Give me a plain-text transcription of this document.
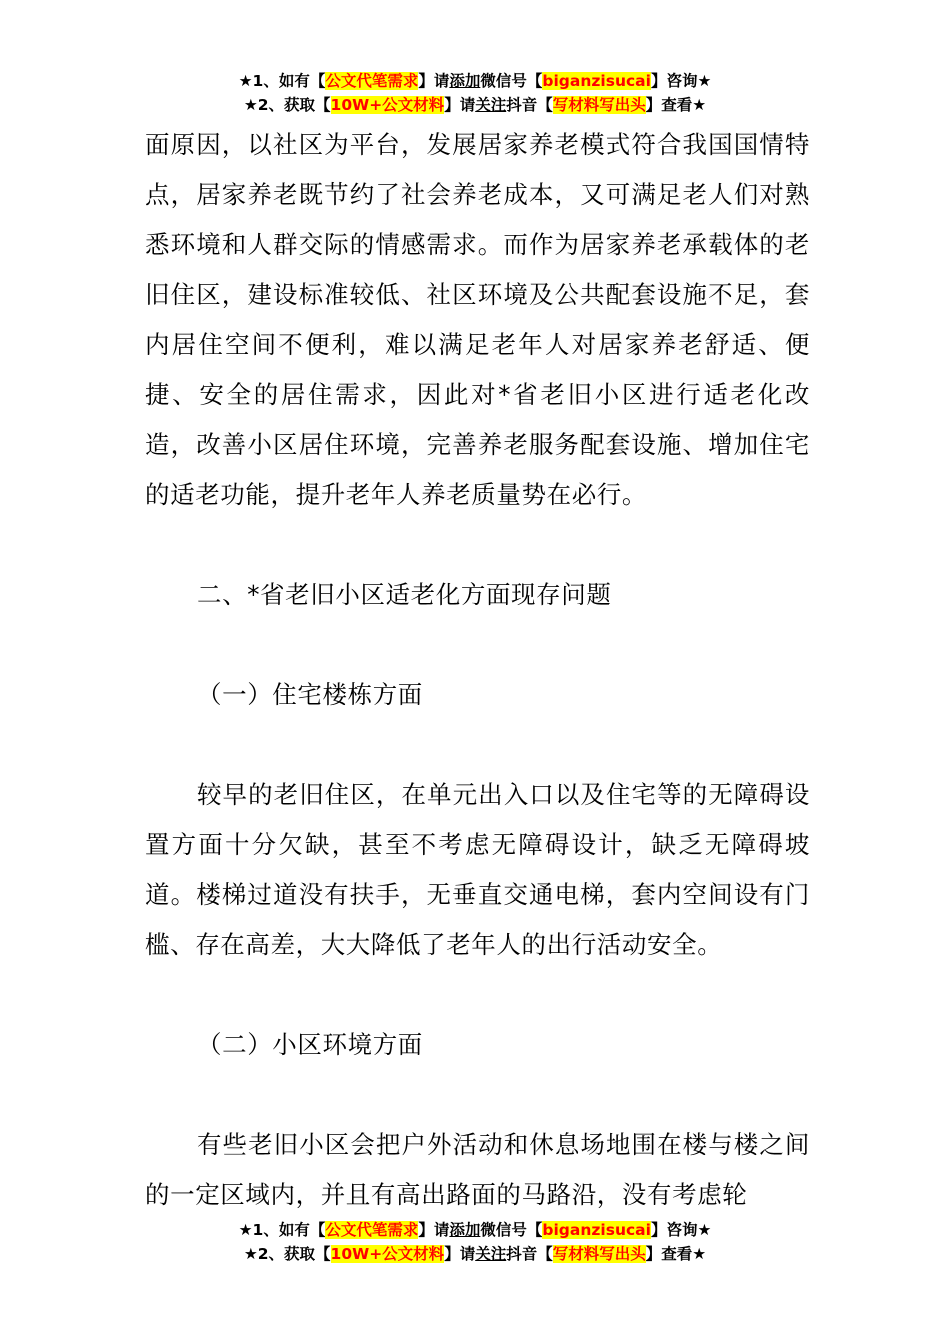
★1、如有【公文代笔需求】请添加微信号【biganzisucai】咨询★
★2、获取【10W+公文材料】请关注抖音【写材料写出头】查看★

面原因，以社区为平台，发展居家养老模式符合我国国情特点，居家养老既节约了社会养老成本，又可满足老人们对熟悉环境和人群交际的情感需求。而作为居家养老承载体的老旧住区，建设标准较低、社区环境及公共配套设施不足，套内居住空间不便利，难以满足老年人对居家养老舒适、便捷、安全的居住需求，因此对*省老旧小区进行适老化改造，改善小区居住环境，完善养老服务配套设施、增加住宅的适老功能，提升老年人养老质量势在必行。

二、*省老旧小区适老化方面现存问题

（一）住宅楼栋方面

较早的老旧住区，在单元出入口以及住宅等的无障碍设置方面十分欠缺，甚至不考虑无障碍设计，缺乏无障碍坡道。楼梯过道没有扶手，无垂直交通电梯，套内空间设有门槛、存在高差，大大降低了老年人的出行活动安全。

（二）小区环境方面

有些老旧小区会把户外活动和休息场地围在楼与楼之间的一定区域内，并且有高出路面的马路沿，没有考虑轮

★1、如有【公文代笔需求】请添加微信号【biganzisucai】咨询★
★2、获取【10W+公文材料】请关注抖音【写材料写出头】查看★
